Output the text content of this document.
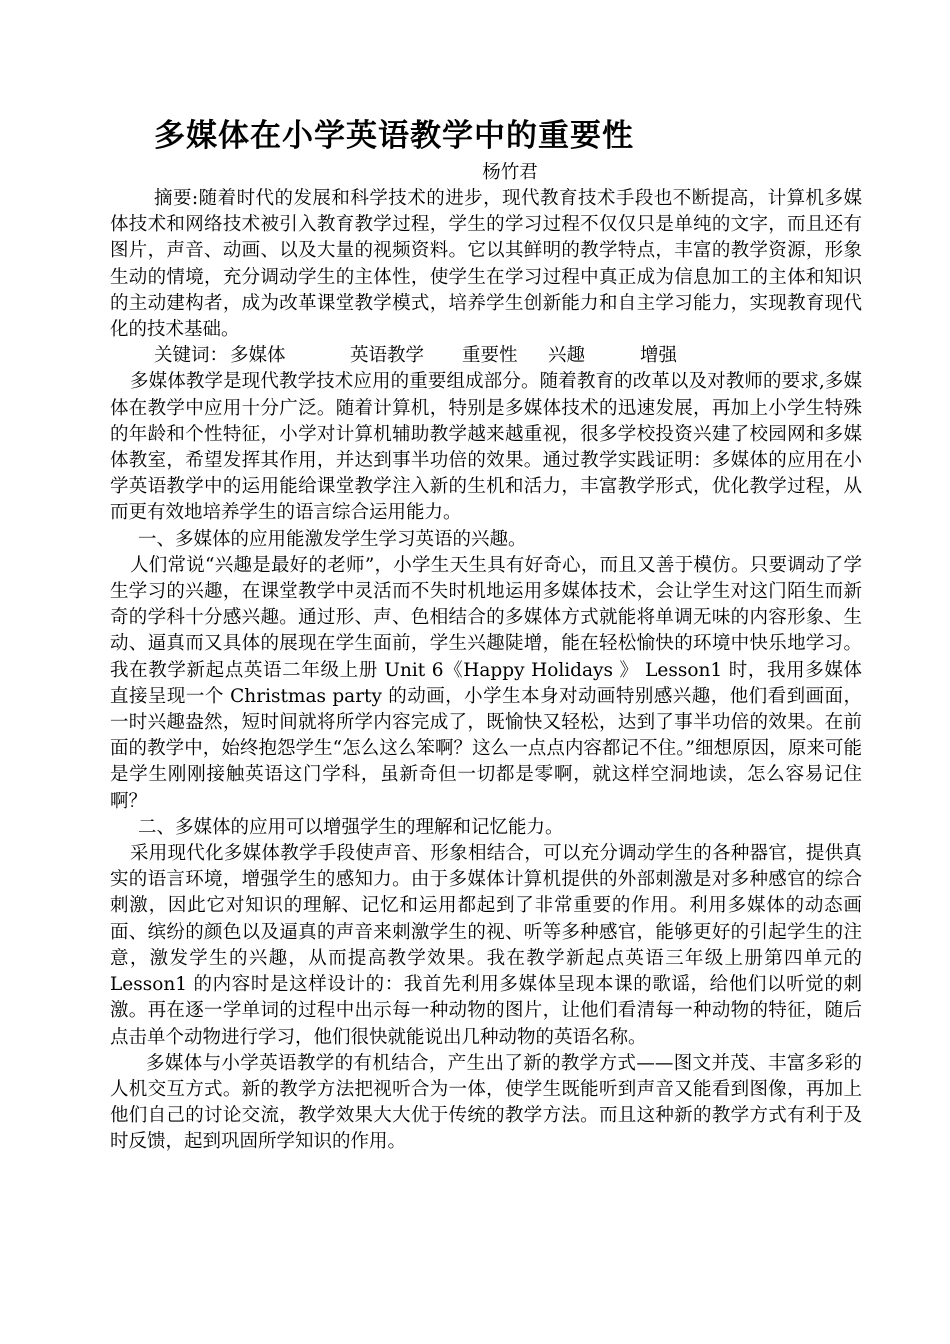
多媒体在小学英语教学中的重要性
杨竹君

摘要:随着时代的发展和科学技术的进步，现代教育技术手段也不断提高，计算机多媒体技术和网络技术被引入教育教学过程，学生的学习过程不仅仅只是单纯的文字，而且还有图片，声音、动画、以及大量的视频资料。它以其鲜明的教学特点，丰富的教学资源，形象生动的情境，充分调动学生的主体性，使学生在学习过程中真正成为信息加工的主体和知识的主动建构者，成为改革课堂教学模式，培养学生创新能力和自主学习能力，实现教育现代化的技术基础。

关键词： 多媒体	英语教学 重要性 兴趣	增强

多媒体教学是现代教学技术应用的重要组成部分。随着教育的改革以及对教师的要求,多媒体在教学中应用十分广泛。随着计算机，特别是多媒体技术的迅速发展，再加上小学生特殊的年龄和个性特征，小学对计算机辅助教学越来越重视，很多学校投资兴建了校园网和多媒体教室，希望发挥其作用，并达到事半功倍的效果。通过教学实践证明：多媒体的应用在小学英语教学中的运用能给课堂教学注入新的生机和活力，丰富教学形式，优化教学过程，从而更有效地培养学生的语言综合运用能力。

一、多媒体的应用能激发学生学习英语的兴趣。

人们常说“兴趣是最好的老师”，小学生天生具有好奇心，而且又善于模仿。只要调动了学生学习的兴趣，在课堂教学中灵活而不失时机地运用多媒体技术，会让学生对这门陌生而新奇的学科十分感兴趣。通过形、声、色相结合的多媒体方式就能将单调无味的内容形象、生动、逼真而又具体的展现在学生面前，学生兴趣陡增，能在轻松愉快的环境中快乐地学习。我在教学新起点英语二年级上册 Unit 6《Happy Holidays 》 Lesson1 时，我用多媒体直接呈现一个 Christmas party 的动画，小学生本身对动画特别感兴趣，他们看到画面，一时兴趣盎然，短时间就将所学内容完成了，既愉快又轻松，达到了事半功倍的效果。在前面的教学中，始终抱怨学生“怎么这么笨啊？这么一点点内容都记不住。”细想原因，原来可能是学生刚刚接触英语这门学科，虽新奇但一切都是零啊，就这样空洞地读，怎么容易记住啊？

二、多媒体的应用可以增强学生的理解和记忆能力。

采用现代化多媒体教学手段使声音、形象相结合，可以充分调动学生的各种器官，提供真实的语言环境，增强学生的感知力。由于多媒体计算机提供的外部刺激是对多种感官的综合刺激，因此它对知识的理解、记忆和运用都起到了非常重要的作用。利用多媒体的动态画面、缤纷的颜色以及逼真的声音来刺激学生的视、听等多种感官，能够更好的引起学生的注意，激发学生的兴趣，从而提高教学效果。我在教学新起点英语三年级上册第四单元的 Lesson1 的内容时是这样设计的：我首先利用多媒体呈现本课的歌谣，给他们以听觉的刺激。再在逐一学单词的过程中出示每一种动物的图片，让他们看清每一种动物的特征，随后点击单个动物进行学习，他们很快就能说出几种动物的英语名称。

多媒体与小学英语教学的有机结合，产生出了新的教学方式——图文并茂、丰富多彩的人机交互方式。新的教学方法把视听合为一体，使学生既能听到声音又能看到图像，再加上他们自己的讨论交流，教学效果大大优于传统的教学方法。而且这种新的教学方式有利于及时反馈，起到巩固所学知识的作用。
